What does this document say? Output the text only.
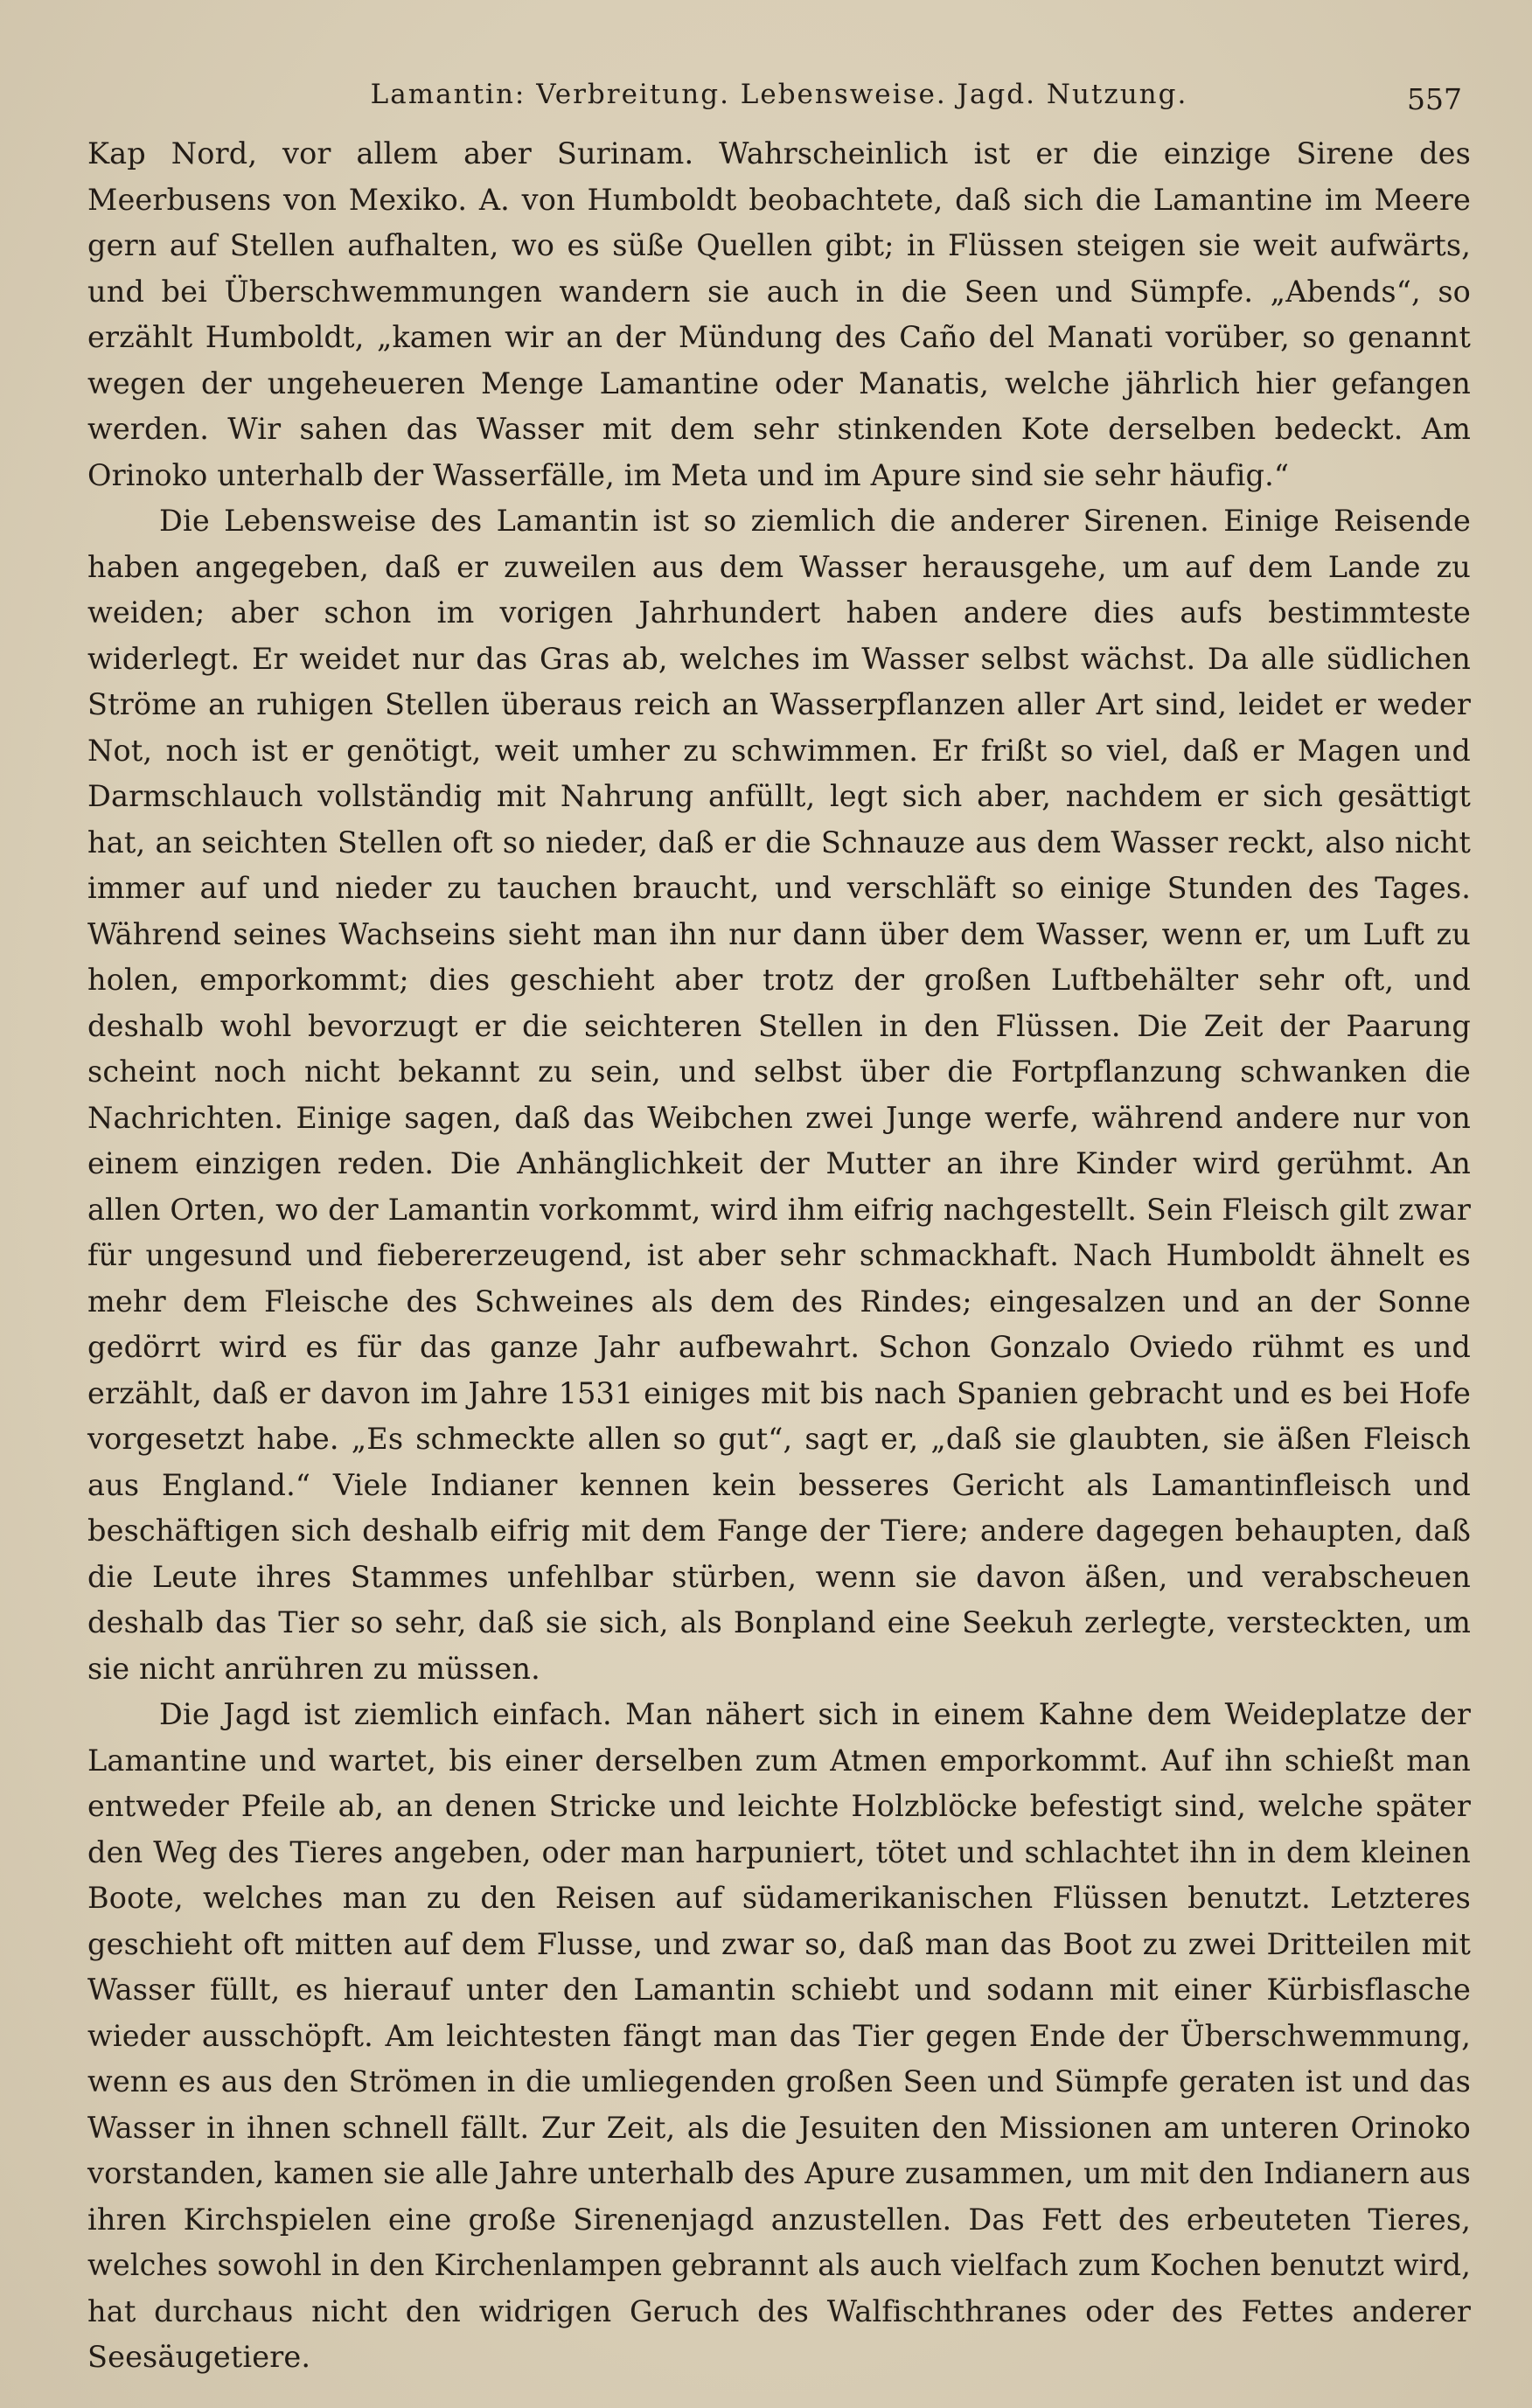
Lamantin: Verbreitung. Lebensweise. Jagd. Nutzung.	557

Kap Nord, vor allem aber Surinam. Wahrscheinlich ist er die einzige Sirene des Meerbusens von Mexiko. A. von Humboldt beobachtete, daß sich die Lamantine im Meere gern auf Stellen aufhalten, wo es süße Quellen gibt; in Flüssen steigen sie weit aufwärts, und bei Überschwemmungen wandern sie auch in die Seen und Sümpfe. „Abends“, so erzählt Humboldt, „kamen wir an der Mündung des Caño del Manati vorüber, so genannt wegen der ungeheueren Menge Lamantine oder Manatis, welche jährlich hier gefangen werden. Wir sahen das Wasser mit dem sehr stinkenden Kote derselben bedeckt. Am Orinoko unterhalb der Wasserfälle, im Meta und im Apure sind sie sehr häufig.“

Die Lebensweise des Lamantin ist so ziemlich die anderer Sirenen. Einige Reisende haben angegeben, daß er zuweilen aus dem Wasser herausgehe, um auf dem Lande zu weiden; aber schon im vorigen Jahrhundert haben andere dies aufs bestimmteste widerlegt. Er weidet nur das Gras ab, welches im Wasser selbst wächst. Da alle südlichen Ströme an ruhigen Stellen überaus reich an Wasserpflanzen aller Art sind, leidet er weder Not, noch ist er genötigt, weit umher zu schwimmen. Er frißt so viel, daß er Magen und Darmschlauch vollständig mit Nahrung anfüllt, legt sich aber, nachdem er sich gesättigt hat, an seichten Stellen oft so nieder, daß er die Schnauze aus dem Wasser reckt, also nicht immer auf und nieder zu tauchen braucht, und verschläft so einige Stunden des Tages. Während seines Wachseins sieht man ihn nur dann über dem Wasser, wenn er, um Luft zu holen, emporkommt; dies geschieht aber trotz der großen Luftbehälter sehr oft, und deshalb wohl bevorzugt er die seichteren Stellen in den Flüssen. Die Zeit der Paarung scheint noch nicht bekannt zu sein, und selbst über die Fortpflanzung schwanken die Nachrichten. Einige sagen, daß das Weibchen zwei Junge werfe, während andere nur von einem einzigen reden. Die Anhänglichkeit der Mutter an ihre Kinder wird gerühmt. An allen Orten, wo der Lamantin vorkommt, wird ihm eifrig nachgestellt. Sein Fleisch gilt zwar für ungesund und fiebererzeugend, ist aber sehr schmackhaft. Nach Humboldt ähnelt es mehr dem Fleische des Schweines als dem des Rindes; eingesalzen und an der Sonne gedörrt wird es für das ganze Jahr aufbewahrt. Schon Gonzalo Oviedo rühmt es und erzählt, daß er davon im Jahre 1531 einiges mit bis nach Spanien gebracht und es bei Hofe vorgesetzt habe. „Es schmeckte allen so gut“, sagt er, „daß sie glaubten, sie äßen Fleisch aus England.“ Viele Indianer kennen kein besseres Gericht als Lamantinfleisch und beschäftigen sich deshalb eifrig mit dem Fange der Tiere; andere dagegen behaupten, daß die Leute ihres Stammes unfehlbar stürben, wenn sie davon äßen, und verabscheuen deshalb das Tier so sehr, daß sie sich, als Bonpland eine Seekuh zerlegte, versteckten, um sie nicht anrühren zu müssen.

Die Jagd ist ziemlich einfach. Man nähert sich in einem Kahne dem Weideplatze der Lamantine und wartet, bis einer derselben zum Atmen emporkommt. Auf ihn schießt man entweder Pfeile ab, an denen Stricke und leichte Holzblöcke befestigt sind, welche später den Weg des Tieres angeben, oder man harpuniert, tötet und schlachtet ihn in dem kleinen Boote, welches man zu den Reisen auf südamerikanischen Flüssen benutzt. Letzteres geschieht oft mitten auf dem Flusse, und zwar so, daß man das Boot zu zwei Dritteilen mit Wasser füllt, es hierauf unter den Lamantin schiebt und sodann mit einer Kürbisflasche wieder ausschöpft. Am leichtesten fängt man das Tier gegen Ende der Überschwemmung, wenn es aus den Strömen in die umliegenden großen Seen und Sümpfe geraten ist und das Wasser in ihnen schnell fällt. Zur Zeit, als die Jesuiten den Missionen am unteren Orinoko vorstanden, kamen sie alle Jahre unterhalb des Apure zusammen, um mit den Indianern aus ihren Kirchspielen eine große Sirenenjagd anzustellen. Das Fett des erbeuteten Tieres, welches sowohl in den Kirchenlampen gebrannt als auch vielfach zum Kochen benutzt wird, hat durchaus nicht den widrigen Geruch des Walfischthranes oder des Fettes anderer Seesäugetiere.
